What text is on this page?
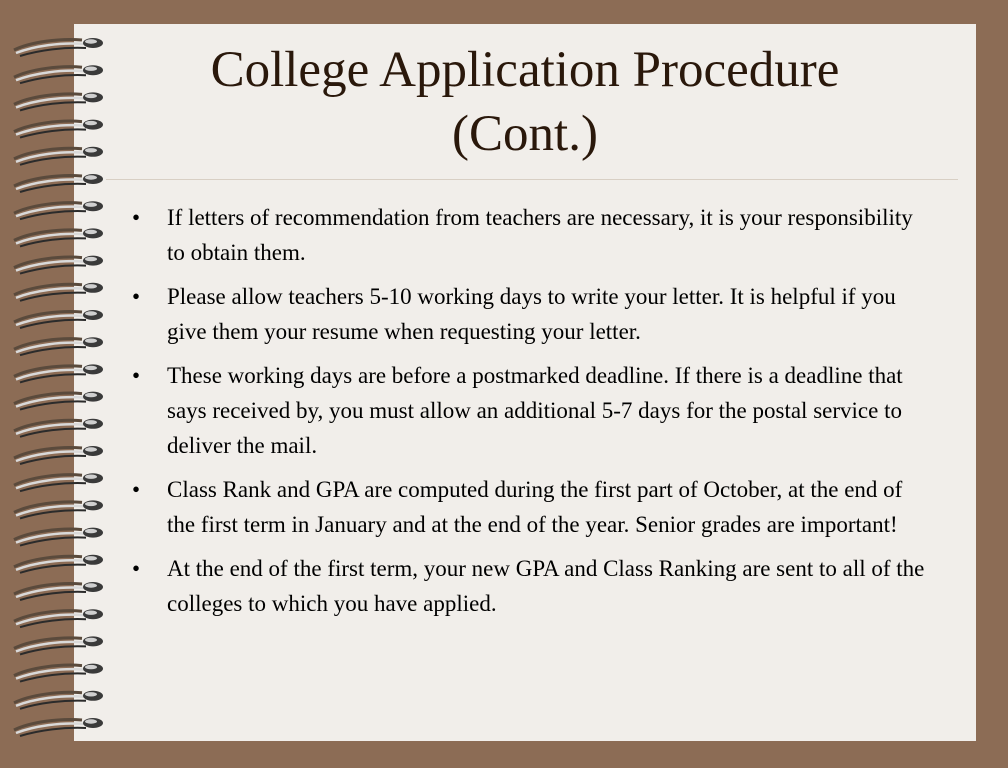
College Application Procedure
(Cont.)
• If letters of recommendation from teachers are necessary, it is your responsibility to obtain them.
• Please allow teachers 5-10 working days to write your letter. It is helpful if you give them your resume when requesting your letter.
• These working days are before a postmarked deadline. If there is a deadline that says received by, you must allow an additional 5-7 days for the postal service to deliver the mail.
• Class Rank and GPA are computed during the first part of October, at the end of the first term in January and at the end of the year. Senior grades are important!
• At the end of the first term, your new GPA and Class Ranking are sent to all of the colleges to which you have applied.
